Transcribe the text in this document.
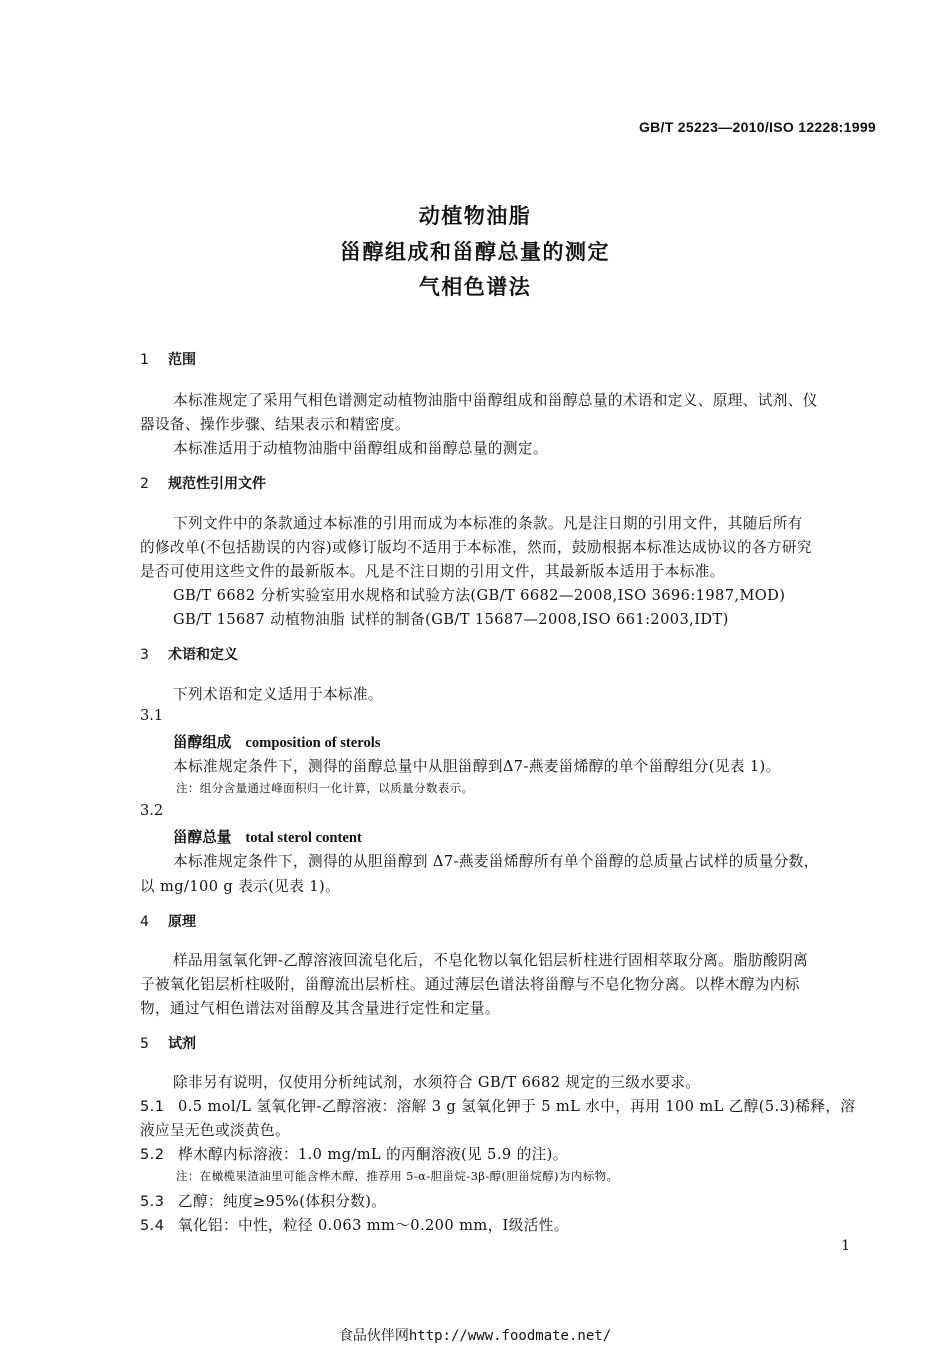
GB/T 25223—2010/ISO 12228:1999
动植物油脂
甾醇组成和甾醇总量的测定
气相色谱法
1 范围
本标准规定了采用气相色谱测定动植物油脂中甾醇组成和甾醇总量的术语和定义、原理、试剂、仪
器设备、操作步骤、结果表示和精密度。
本标准适用于动植物油脂中甾醇组成和甾醇总量的测定。
2 规范性引用文件
下列文件中的条款通过本标准的引用而成为本标准的条款。凡是注日期的引用文件，其随后所有
的修改单(不包括勘误的内容)或修订版均不适用于本标准，然而，鼓励根据本标准达成协议的各方研究
是否可使用这些文件的最新版本。凡是不注日期的引用文件，其最新版本适用于本标准。
GB/T 6682 分析实验室用水规格和试验方法(GB/T 6682—2008,ISO 3696:1987,MOD)
GB/T 15687 动植物油脂 试样的制备(GB/T 15687—2008,ISO 661:2003,IDT)
3 术语和定义
下列术语和定义适用于本标准。
3.1
甾醇组成 composition of sterols
本标准规定条件下，测得的甾醇总量中从胆甾醇到Δ7-燕麦甾烯醇的单个甾醇组分(见表 1)。
注：组分含量通过峰面积归一化计算，以质量分数表示。
3.2
甾醇总量 total sterol content
本标准规定条件下，测得的从胆甾醇到 Δ7-燕麦甾烯醇所有单个甾醇的总质量占试样的质量分数，
以 mg/100 g 表示(见表 1)。
4 原理
样品用氢氧化钾-乙醇溶液回流皂化后，不皂化物以氧化铝层析柱进行固相萃取分离。脂肪酸阴离
子被氧化铝层析柱吸附，甾醇流出层析柱。通过薄层色谱法将甾醇与不皂化物分离。以桦木醇为内标
物，通过气相色谱法对甾醇及其含量进行定性和定量。
5 试剂
除非另有说明，仅使用分析纯试剂，水须符合 GB/T 6682 规定的三级水要求。
5.1 0.5 mol/L 氢氧化钾-乙醇溶液：溶解 3 g 氢氧化钾于 5 mL 水中，再用 100 mL 乙醇(5.3)稀释，溶
液应呈无色或淡黄色。
5.2 桦木醇内标溶液：1.0 mg/mL 的丙酮溶液(见 5.9 的注)。
注：在橄榄果渣油里可能含桦木醇，推荐用 5-α-胆甾烷-3β-醇(胆甾烷醇)为内标物。
5.3 乙醇：纯度≥95%(体积分数)。
5.4 氧化铝：中性，粒径 0.063 mm～0.200 mm，Ⅰ级活性。
1
食品伙伴网http://www.foodmate.net/
